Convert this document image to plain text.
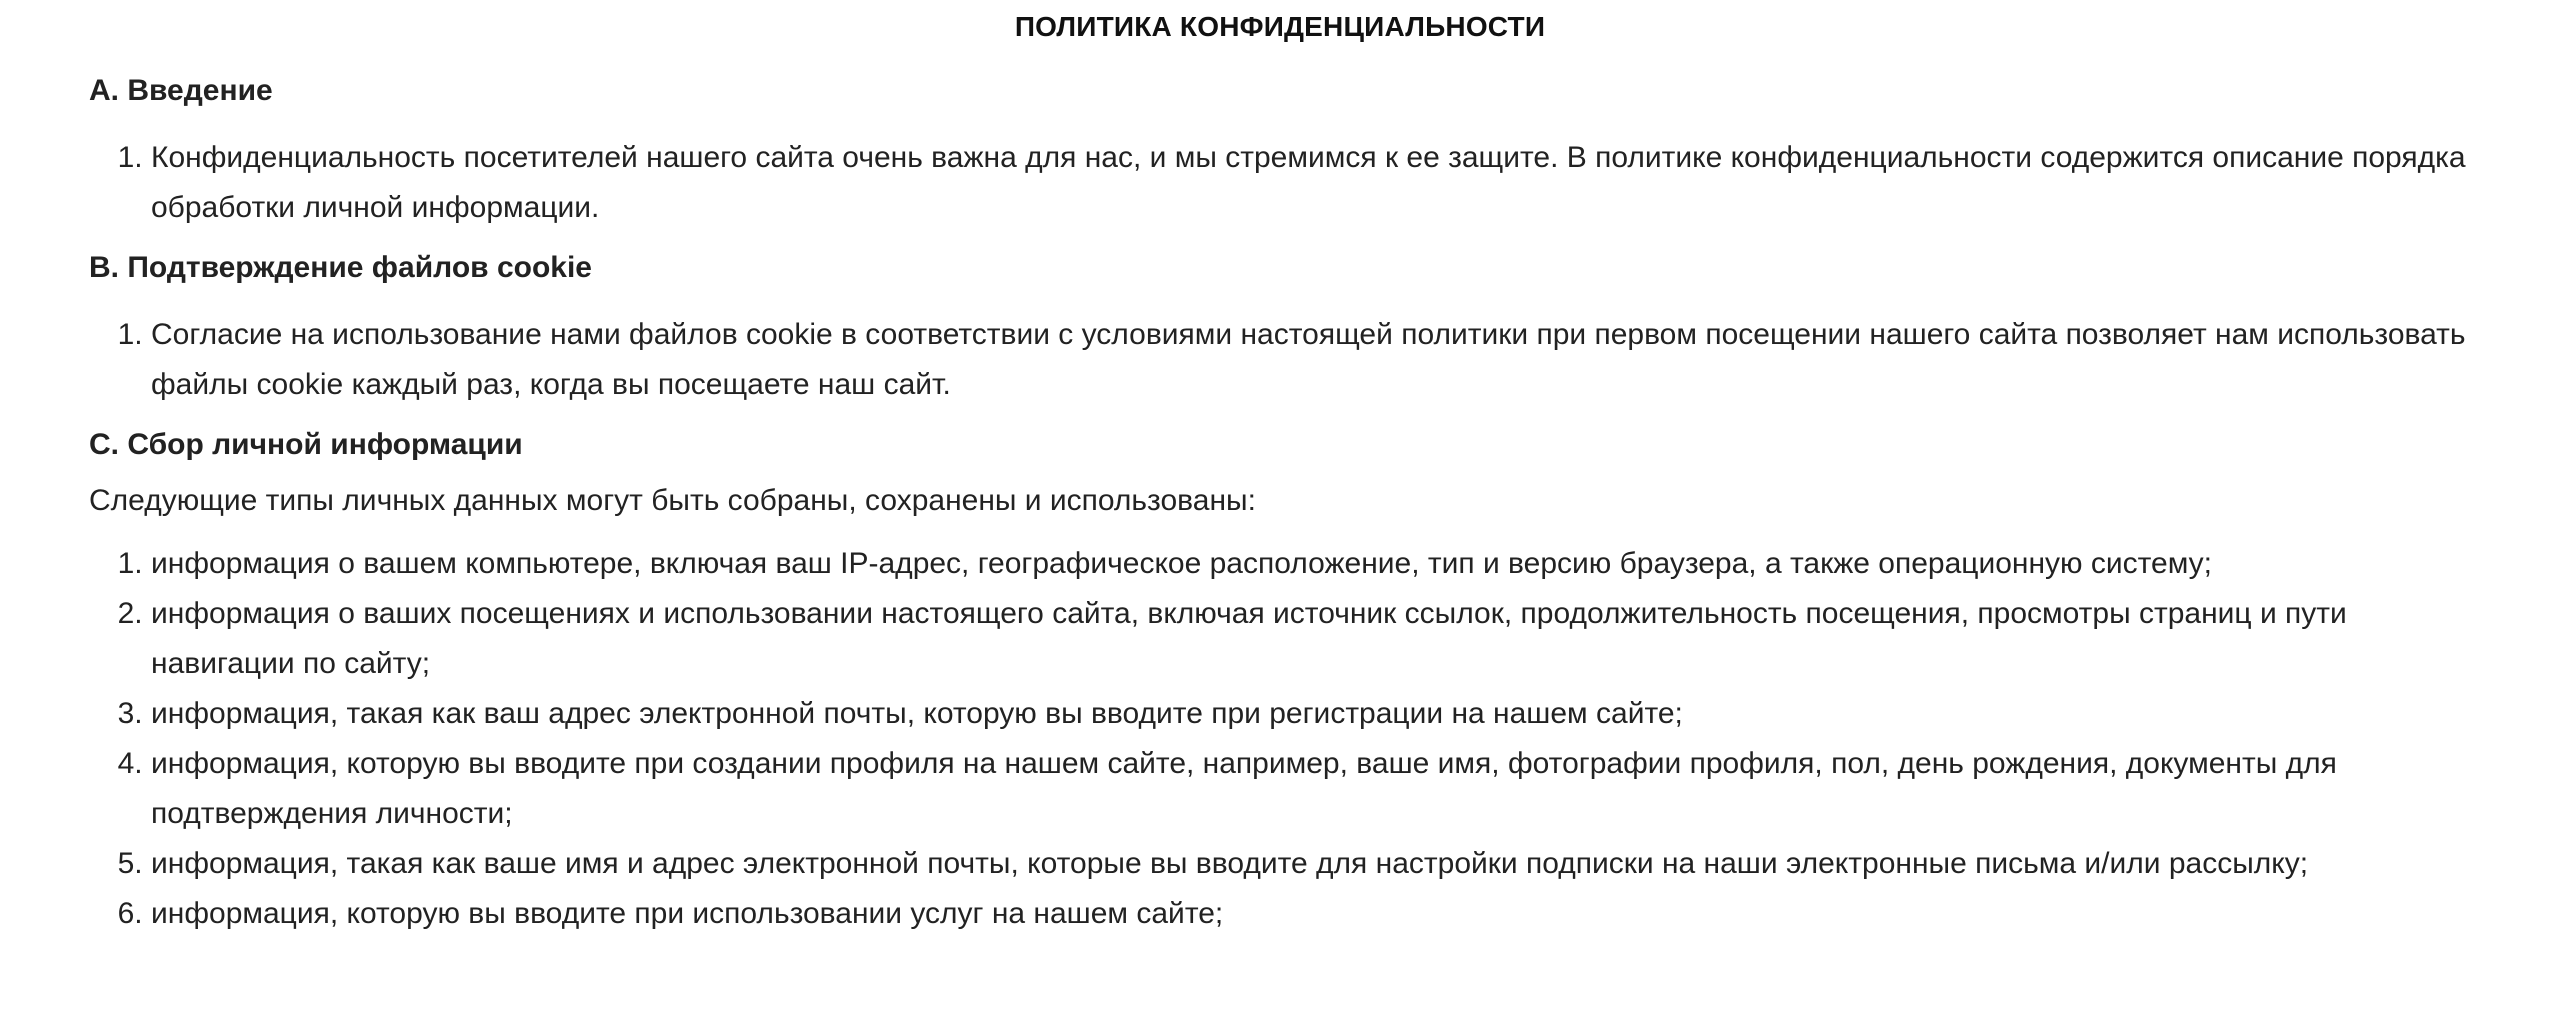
ПОЛИТИКА КОНФИДЕНЦИАЛЬНОСТИ
A. Введение
1. Конфиденциальность посетителей нашего сайта очень важна для нас, и мы стремимся к ее защите. В политике конфиденциальности содержится описание порядка обработки личной информации.
B. Подтверждение файлов cookie
1. Согласие на использование нами файлов cookie в соответствии с условиями настоящей политики при первом посещении нашего сайта позволяет нам использовать файлы cookie каждый раз, когда вы посещаете наш сайт.
C. Сбор личной информации

Следующие типы личных данных могут быть собраны, сохранены и использованы:

1. информация о вашем компьютере, включая ваш IP-адрес, географическое расположение, тип и версию браузера, а также операционную систему;
2. информация о ваших посещениях и использовании настоящего сайта, включая источник ссылок, продолжительность посещения, просмотры страниц и пути навигации по сайту;
3. информация, такая как ваш адрес электронной почты, которую вы вводите при регистрации на нашем сайте;
4. информация, которую вы вводите при создании профиля на нашем сайте, например, ваше имя, фотографии профиля, пол, день рождения, документы для подтверждения личности;
5. информация, такая как ваше имя и адрес электронной почты, которые вы вводите для настройки подписки на наши электронные письма и/или рассылку;
6. информация, которую вы вводите при использовании услуг на нашем сайте;
